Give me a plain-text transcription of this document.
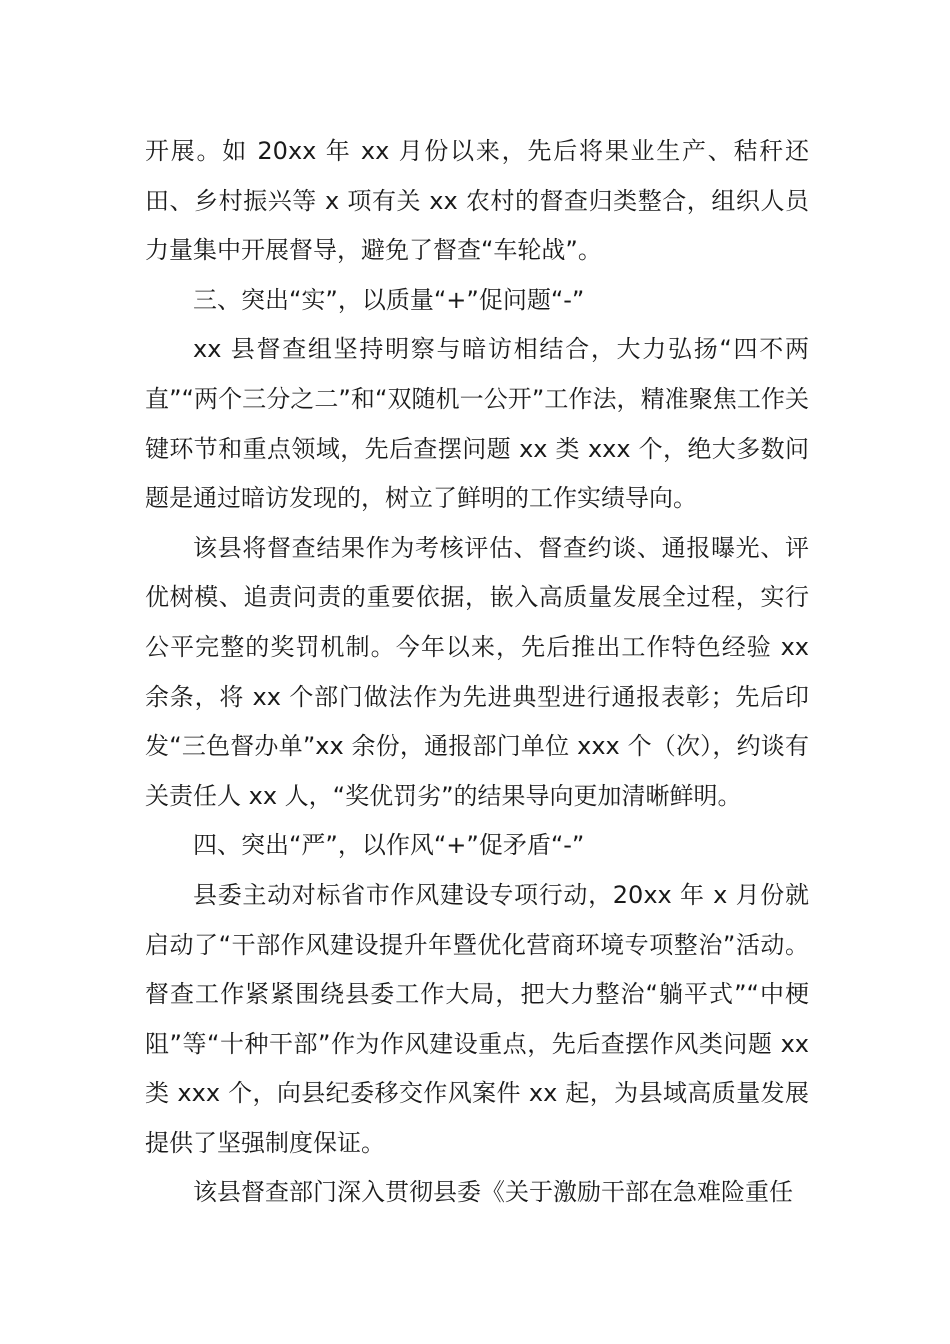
开展。如 20xx 年 xx 月份以来，先后将果业生产、秸秆还田、乡村振兴等 x 项有关 xx 农村的督查归类整合，组织人员力量集中开展督导，避免了督查“车轮战”。

三、突出“实”，以质量“+”促问题“-”

xx 县督查组坚持明察与暗访相结合，大力弘扬“四不两直”“两个三分之二”和“双随机一公开”工作法，精准聚焦工作关键环节和重点领域，先后查摆问题 xx 类 xxx 个，绝大多数问题是通过暗访发现的，树立了鲜明的工作实绩导向。

该县将督查结果作为考核评估、督查约谈、通报曝光、评优树模、追责问责的重要依据，嵌入高质量发展全过程，实行公平完整的奖罚机制。今年以来，先后推出工作特色经验 xx 余条，将 xx 个部门做法作为先进典型进行通报表彰；先后印发“三色督办单”xx 余份，通报部门单位 xxx 个（次），约谈有关责任人 xx 人，“奖优罚劣”的结果导向更加清晰鲜明。

四、突出“严”，以作风“+”促矛盾“-”

县委主动对标省市作风建设专项行动，20xx 年 x 月份就启动了“干部作风建设提升年暨优化营商环境专项整治”活动。督查工作紧紧围绕县委工作大局，把大力整治“躺平式”“中梗阻”等“十种干部”作为作风建设重点，先后查摆作风类问题 xx 类 xxx 个，向县纪委移交作风案件 xx 起，为县域高质量发展提供了坚强制度保证。

该县督查部门深入贯彻县委《关于激励干部在急难险重任
